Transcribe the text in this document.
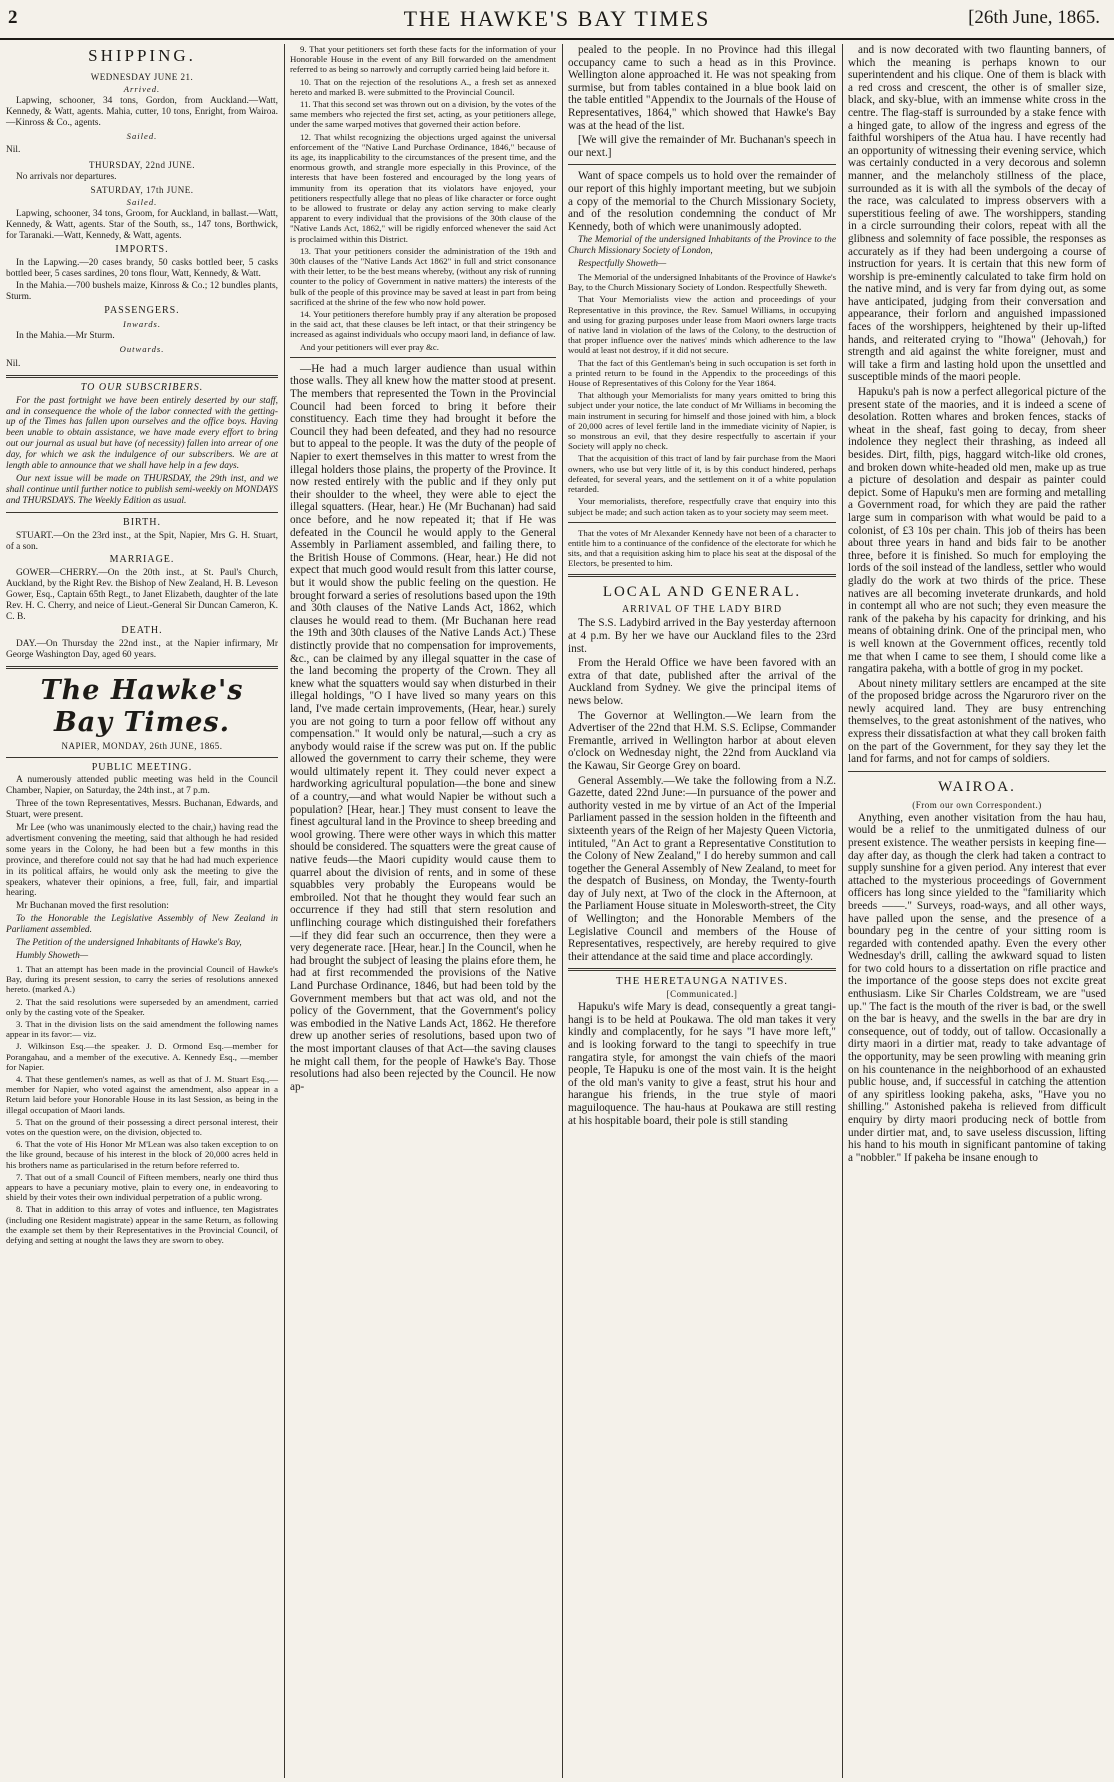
2	THE HAWKE'S BAY TIMES	[26th June, 1865.
SHIPPING.
WEDNESDAY JUNE 21.
Arrived.

Lapwing, schooner, 34 tons, Gordon, from Auckland.—Watt, Kennedy, & Watt, agents. Mahia, cutter, 10 tons, Enright, from Wairoa.—Kinross & Co., agents.

Sailed.

Nil.

THURSDAY, 22nd JUNE.

No arrivals nor departures.

SATURDAY, 17th JUNE.
Sailed.

Lapwing, schooner, 34 tons, Groom, for Auckland, in ballast.—Watt, Kennedy, & Watt, agents. Star of the South, ss., 147 tons, Borthwick, for Taranaki.—Watt, Kennedy, & Watt, agents.

IMPORTS.

In the Lapwing.—20 cases brandy, 50 casks bottled beer, 5 casks bottled beer, 5 cases sardines, 20 tons flour, Watt, Kennedy, & Watt.

In the Mahia.—700 bushels maize, Kinross & Co.; 12 bundles plants, Sturm.

PASSENGERS.
Inwards.

In the Mahia.—Mr Sturm.

Outwards.

Nil.

TO OUR SUBSCRIBERS.

For the past fortnight we have been entirely deserted by our staff, and in consequence the whole of the labor connected with the getting-up of the Times has fallen upon ourselves and the office boys. Having been unable to obtain assistance, we have made every effort to bring out our journal as usual but have (of necessity) fallen into arrear of one day, for which we ask the indulgence of our subscribers. We are at length able to announce that we shall have help in a few days.

Our next issue will be made on THURSDAY, the 29th inst, and we shall continue until further notice to publish semi-weekly on MONDAYS and THURSDAYS. The Weekly Edition as usual.

BIRTH.

STUART.—On the 23rd inst., at the Spit, Napier, Mrs G. H. Stuart, of a son.

MARRIAGE.

GOWER—CHERRY.—On the 20th inst., at St. Paul's Church, Auckland, by the Right Rev. the Bishop of New Zealand, H. B. Leveson Gower, Esq., Captain 65th Regt., to Janet Elizabeth, daughter of the late Rev. H. C. Cherry, and neice of Lieut.-General Sir Duncan Cameron, K. C. B.

DEATH.

DAY.—On Thursday the 22nd inst., at the Napier infirmary, Mr George Washington Day, aged 60 years.

The Hawke's Bay Times.
NAPIER, MONDAY, 26th JUNE, 1865.
PUBLIC MEETING.

A numerously attended public meeting was held in the Council Chamber, Napier, on Saturday, the 24th inst., at 7 p.m.

Three of the town Representatives, Messrs. Buchanan, Edwards, and Stuart, were present.

Mr Lee (who was unanimously elected to the chair,) having read the advertisment convening the meeting, said that although he had resided some years in the Colony, he had been but a few months in this province, and therefore could not say that he had had much experience in its political affairs, he would only ask the meeting to give the speakers, whatever their opinions, a free, full, fair, and impartial hearing.

Mr Buchanan moved the first resolution:

To the Honorable the Legislative Assembly of New Zealand in Parliament assembled.

The Petition of the undersigned Inhabitants of Hawke's Bay,

Humbly Showeth—

1. That an attempt has been made in the provincial Council of Hawke's Bay, during its present session, to carry the series of resolutions annexed hereto. (marked A.)

2. That the said resolutions were superseded by an amendment, carried only by the casting vote of the Speaker.

3. That in the division lists on the said amendment the following names appear in its favor:— viz.

J. Wilkinson Esq.—the speaker. J. D. Ormond Esq.—member for Porangahau, and a member of the executive. A. Kennedy Esq., —member for Napier.

4. That these gentlemen's names, as well as that of J. M. Stuart Esq.,—member for Napier, who voted against the amendment, also appear in a Return laid before your Honorable House in its last Session, as being in the illegal occupation of Maori lands.

5. That on the ground of their possessing a direct personal interest, their votes on the question were, on the division, objected to.

6. That the vote of His Honor Mr M'Lean was also taken exception to on the like ground, because of his interest in the block of 20,000 acres held in his brothers name as particularised in the return before referred to.

7. That out of a small Council of Fifteen members, nearly one third thus appears to have a pecuniary motive, plain to every one, in endeavoring to shield by their votes their own individual perpetration of a public wrong.

8. That in addition to this array of votes and influence, ten Magistrates (including one Resident magistrate) appear in the same Return, as following the example set them by their Representatives in the Provincial Council, of defying and setting at nought the laws they are sworn to obey.

9. That your petitioners set forth these facts for the information of your Honorable House in the event of any Bill forwarded on the amendment referred to as being so narrowly and corruptly carried being laid before it.

10. That on the rejection of the resolutions A., a fresh set as annexed hereto and marked B. were submitted to the Provincial Council.

11. That this second set was thrown out on a division, by the votes of the same members who rejected the first set, acting, as your petitioners allege, under the same warped motives that governed their action before.

12. That whilst recognizing the objections urged against the universal enforcement of the "Native Land Purchase Ordinance, 1846," because of its age, its inapplicability to the circumstances of the present time, and the enormous growth, and strangle more especially in this Province, of the interests that have been fostered and encouraged by the long years of immunity from its operation that its violators have enjoyed, your petitioners respectfully allege that no pleas of like character or force ought to be allowed to frustrate or delay any action serving to make clearly apparent to every individual that the provisions of the 30th clause of the "Native Lands Act, 1862," will be rigidly enforced whenever the said Act is proclaimed within this District.

13. That your petitioners consider the administration of the 19th and 30th clauses of the "Native Lands Act 1862" in full and strict consonance with their letter, to be the best means whereby, (without any risk of running counter to the policy of Government in native matters) the interests of the bulk of the people of this province may be saved at least in part from being sacrificed at the shrine of the few who now hold power.

14. Your petitioners therefore humbly pray if any alteration be proposed in the said act, that these clauses be left intact, or that their stringency be increased as against individuals who occupy maori land, in defiance of law.

And your petitioners will ever pray &c.

—He had a much larger audience than usual within those walls. They all knew how the matter stood at present. The members that represented the Town in the Provincial Council had been forced to bring it before their constituency. Each time they had brought it before the Council they had been defeated, and they had no resource but to appeal to the people. It was the duty of the people of Napier to exert themselves in this matter to wrest from the illegal holders those plains, the property of the Province. It now rested entirely with the public and if they only put their shoulder to the wheel, they were able to eject the illegal squatters. (Hear, hear.) He (Mr Buchanan) had said once before, and he now repeated it; that if He was defeated in the Council he would apply to the General Assembly in Parliament assembled, and failing there, to the British House of Commons. (Hear, hear.) He did not expect that much good would result from this latter course, but it would show the public feeling on the question. He brought forward a series of resolutions based upon the 19th and 30th clauses of the Native Lands Act, 1862, which clauses he would read to them. (Mr Buchanan here read the 19th and 30th clauses of the Native Lands Act.) These distinctly provide that no compensation for improvements, &c., can be claimed by any illegal squatter in the case of the land becoming the property of the Crown. They all knew what the squatters would say when disturbed in their illegal holdings, "O I have lived so many years on this land, I've made certain improvements, (Hear, hear.) surely you are not going to turn a poor fellow off without any compensation." It would only be natural,—such a cry as anybody would raise if the screw was put on. If the public allowed the government to carry their scheme, they were would ultimately repent it. They could never expect a hardworking agricultural population—the bone and sinew of a country,—and what would Napier be without such a population? [Hear, hear.] They must consent to leave the finest agcultural land in the Province to sheep breeding and wool growing. There were other ways in which this matter should be considered. The squatters were the great cause of native feuds—the Maori cupidity would cause them to quarrel about the division of rents, and in some of these squabbles very probably the Europeans would be embroiled. Not that he thought they would fear such an occurrence if they had still that stern resolution and unflinching courage which distinguished their forefathers—if they did fear such an occurrence, then they were a very degenerate race. [Hear, hear.] In the Council, when he had brought the subject of leasing the plains efore them, he had at first recommended the provisions of the Native Land Purchase Ordinance, 1846, but had been told by the Government members but that act was old, and not the policy of the Government, that the Government's policy was embodied in the Native Lands Act, 1862. He therefore drew up another series of resolutions, based upon two of the most important clauses of that Act—the saving clauses he might call them, for the people of Hawke's Bay. Those resolutions had also been rejected by the Council. He now ap-

pealed to the people. In no Province had this illegal occupancy came to such a head as in this Province. Wellington alone approached it. He was not speaking from surmise, but from tables contained in a blue book laid on the table entitled "Appendix to the Journals of the House of Representatives, 1864," which showed that Hawke's Bay was at the head of the list.

[We will give the remainder of Mr. Buchanan's speech in our next.]

Want of space compels us to hold over the remainder of our report of this highly important meeting, but we subjoin a copy of the memorial to the Church Missionary Society, and of the resolution condemning the conduct of Mr Kennedy, both of which were unanimously adopted.

The Memorial of the undersigned Inhabitants of the Province to the Church Missionary Society of London,

Respectfully Showeth—

The Memorial of the undersigned Inhabitants of the Province of Hawke's Bay, to the Church Missionary Society of London. Respectfully Sheweth.

That Your Memorialists view the action and proceedings of your Representative in this province, the Rev. Samuel Williams, in occupying and using for grazing purposes under lease from Maori owners large tracts of native land in violation of the laws of the Colony, to the destruction of that proper influence over the natives' minds which adherence to the law would at least not destroy, if it did not secure.

That the fact of this Gentleman's being in such occupation is set forth in a printed return to be found in the Appendix to the proceedings of this House of Representatives of this Colony for the Year 1864.

That although your Memorialists for many years omitted to bring this subject under your notice, the late conduct of Mr Williams in becoming the main instrument in securing for himself and those joined with him, a block of 20,000 acres of level fertile land in the immediate vicinity of Napier, is so monstrous an evil, that they desire respectfully to ascertain if your Society will apply no check.

That the acquisition of this tract of land by fair purchase from the Maori owners, who use but very little of it, is by this conduct hindered, perhaps defeated, for several years, and the settlement on it of a white population retarded.

Your memorialists, therefore, respectfully crave that enquiry into this subject be made; and such action taken as to your society may seem meet.

That the votes of Mr Alexander Kennedy have not been of a character to entitle him to a continuance of the confidence of the electorate for which he sits, and that a requisition asking him to place his seat at the disposal of the Electors, be presented to him.

LOCAL AND GENERAL.
ARRIVAL OF THE LADY BIRD

The S.S. Ladybird arrived in the Bay yesterday afternoon at 4 p.m. By her we have our Auckland files to the 23rd inst.

From the Herald Office we have been favored with an extra of that date, published after the arrival of the Auckland from Sydney. We give the principal items of news below.

The Governor at Wellington.—We learn from the Advertiser of the 22nd that H.M. S.S. Eclipse, Commander Fremantle, arrived in Wellington harbor at about eleven o'clock on Wednesday night, the 22nd from Auckland via the Kawau, Sir George Grey on board.

General Assembly.—We take the following from a N.Z. Gazette, dated 22nd June:—In pursuance of the power and authority vested in me by virtue of an Act of the Imperial Parliament passed in the session holden in the fifteenth and sixteenth years of the Reign of her Majesty Queen Victoria, intituled, "An Act to grant a Representative Constitution to the Colony of New Zealand," I do hereby summon and call together the General Assembly of New Zealand, to meet for the despatch of Business, on Monday, the Twenty-fourth day of July next, at Two of the clock in the Afternoon, at the Parliament House situate in Molesworth-street, the City of Wellington; and the Honorable Members of the Legislative Council and members of the House of Representatives, respectively, are hereby required to give their attendance at the said time and place accordingly.

THE HERETAUNGA NATIVES.
[Communicated.]

Hapuku's wife Mary is dead, consequently a great tangi-hangi is to be held at Poukawa. The old man takes it very kindly and complacently, for he says "I have more left," and is looking forward to the tangi to speechify in true rangatira style, for amongst the vain chiefs of the maori people, Te Hapuku is one of the most vain. It is the height of the old man's vanity to give a feast, strut his hour and harangue his friends, in the true style of maori maguiloquence. The hau-haus at Poukawa are still resting at his hospitable board, their pole is still standing

and is now decorated with two flaunting banners, of which the meaning is perhaps known to our superintendent and his clique. One of them is black with a red cross and crescent, the other is of smaller size, black, and sky-blue, with an immense white cross in the centre. The flag-staff is surrounded by a stake fence with a hinged gate, to allow of the ingress and egress of the faithful worshipers of the Atua hau. I have recently had an opportunity of witnessing their evening service, which was certainly conducted in a very decorous and solemn manner, and the melancholy stillness of the place, surrounded as it is with all the symbols of the decay of the race, was calculated to impress observers with a superstitious feeling of awe. The worshippers, standing in a circle surrounding their colors, repeat with all the glibness and solemnity of face possible, the responses as accurately as if they had been undergoing a course of instruction for years. It is certain that this new form of worship is pre-eminently calculated to take firm hold on the native mind, and is very far from dying out, as some have anticipated, judging from their conversation and appearance, their forlorn and anguished impassioned faces of the worshippers, heightened by their up-lifted hands, and reiterated crying to "Ihowa" (Jehovah,) for strength and aid against the white foreigner, must and will take a firm and lasting hold upon the unsettled and susceptible minds of the maori people.

Hapuku's pah is now a perfect allegorical picture of the present state of the maories, and it is indeed a scene of desolation. Rotten whares and broken fences, stacks of wheat in the sheaf, fast going to decay, from sheer indolence they neglect their thrashing, as indeed all besides. Dirt, filth, pigs, haggard witch-like old crones, and broken down white-headed old men, make up as true a picture of desolation and despair as painter could depict. Some of Hapuku's men are forming and metalling a Government road, for which they are paid the rather large sum in comparison with what would be paid to a colonist, of £3 10s per chain. This job of theirs has been about three years in hand and bids fair to be another three, before it is finished. So much for employing the lords of the soil instead of the landless, settler who would gladly do the work at two thirds of the price. These natives are all becoming inveterate drunkards, and hold in contempt all who are not such; they even measure the rank of the pakeha by his capacity for drinking, and his means of obtaining drink. One of the principal men, who is well known at the Government offices, recently told me that when I came to see them, I should come like a rangatira pakeha, with a bottle of grog in my pocket.

About ninety military settlers are encamped at the site of the proposed bridge across the Ngaruroro river on the newly acquired land. They are busy entrenching themselves, to the great astonishment of the natives, who express their dissatisfaction at what they call broken faith on the part of the Government, for they say they let the land for farms, and not for camps of soldiers.

WAIROA.
(From our own Correspondent.)

Anything, even another visitation from the hau hau, would be a relief to the unmitigated dulness of our present existence. The weather persists in keeping fine—day after day, as though the clerk had taken a contract to supply sunshine for a given period. Any interest that ever attached to the mysterious proceedings of Government officers has long since yielded to the "familiarity which breeds ——." Surveys, road-ways, and all other ways, have palled upon the sense, and the presence of a boundary peg in the centre of your sitting room is regarded with contended apathy. Even the every other Wednesday's drill, calling the awkward squad to listen for two cold hours to a dissertation on rifle practice and the importance of the goose steps does not excite great enthusiasm. Like Sir Charles Coldstream, we are "used up." The fact is the mouth of the river is bad, or the swell on the bar is heavy, and the swells in the bar are dry in consequence, out of toddy, out of tallow. Occasionally a dirty maori in a dirtier mat, ready to take advantage of the opportunity, may be seen prowling with meaning grin on his countenance in the neighborhood of an exhausted public house, and, if successful in catching the attention of any spiritless looking pakeha, asks, "Have you no shilling." Astonished pakeha is relieved from difficult enquiry by dirty maori producing neck of bottle from under dirtier mat, and, to save useless discussion, lifting his hand to his mouth in significant pantomine of taking a "nobbler." If pakeha be insane enough to
